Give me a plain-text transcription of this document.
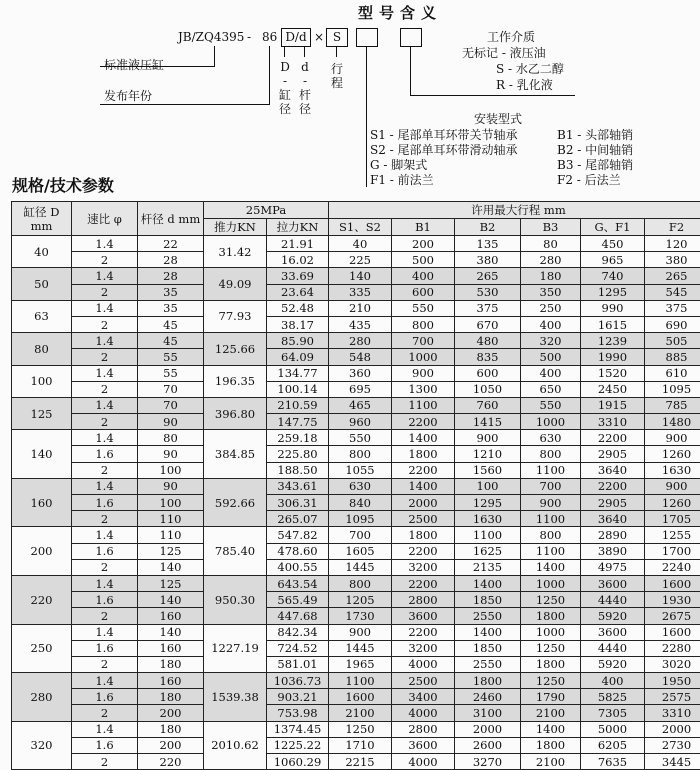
型号含义
JB/ZQ4395 - 86 D/d × S
标准液压缸
发布年份
D - 缸径
d - 杆径
行程
工作介质
无标记 - 液压油
S - 水乙二醇
R - 乳化液
安装型式
S1 - 尾部单耳环带关节轴承
S2 - 尾部单耳环带滑动轴承
G - 脚架式
F1 - 前法兰
B1 - 头部轴销
B2 - 中间轴销
B3 - 尾部轴销
F2 - 后法兰
规格/技术参数
缸径 D mm	速比 φ	杆径 d mm	25MPa		许用最大行程 mm					
			推力KN	拉力KN	S1、S2	B1	B2	B3	G、F1	F2
40	1.4	22	31.42	21.91	40	200	135	80	450	120
	2	28		16.02	225	500	380	280	965	380
50	1.4	28	49.09	33.69	140	400	265	180	740	265
	2	35		23.64	335	600	530	350	1295	545
63	1.4	35	77.93	52.48	210	550	375	250	990	375
	2	45		38.17	435	800	670	400	1615	690
80	1.4	45	125.66	85.90	280	700	480	320	1239	505
	2	55		64.09	548	1000	835	500	1990	885
100	1.4	55	196.35	134.77	360	900	600	400	1520	610
	2	70		100.14	695	1300	1050	650	2450	1095
125	1.4	70	396.80	210.59	465	1100	760	550	1915	785
	2	90		147.75	960	2200	1415	1000	3310	1480
140	1.4	80	384.85	259.18	550	1400	900	630	2200	900
	1.6	90		225.80	800	1800	1210	800	2905	1260
	2	100		188.50	1055	2200	1560	1100	3640	1630
160	1.4	90	592.66	343.61	630	1400	100	700	2200	900
	1.6	100		306.31	840	2000	1295	900	2905	1260
	2	110		265.07	1095	2500	1630	1100	3640	1705
200	1.4	110	785.40	547.82	700	1800	1100	800	2890	1255
	1.6	125		478.60	1605	2200	1625	1100	3890	1700
	2	140		400.55	1445	3200	2135	1400	4975	2240
220	1.4	125	950.30	643.54	800	2200	1400	1000	3600	1600
	1.6	140		565.49	1205	2800	1850	1250	4440	1930
	2	160		447.68	1730	3600	2550	1800	5920	2675
250	1.4	140	1227.19	842.34	900	2200	1400	1000	3600	1600
	1.6	160		724.52	1445	3200	1850	1250	4440	2280
	2	180		581.01	1965	4000	2550	1800	5920	3020
280	1.4	160	1539.38	1036.73	1100	2500	1800	1250	400	1950
	1.6	180		903.21	1600	3400	2460	1790	5825	2575
	2	200		753.98	2100	4000	3100	2100	7305	3310
320	1.4	180	2010.62	1374.45	1250	2800	2000	1400	5000	2000
	1.6	200		1225.22	1710	3600	2600	1800	6205	2730
	2	220		1060.29	2215	4000	3270	2100	7635	3445
